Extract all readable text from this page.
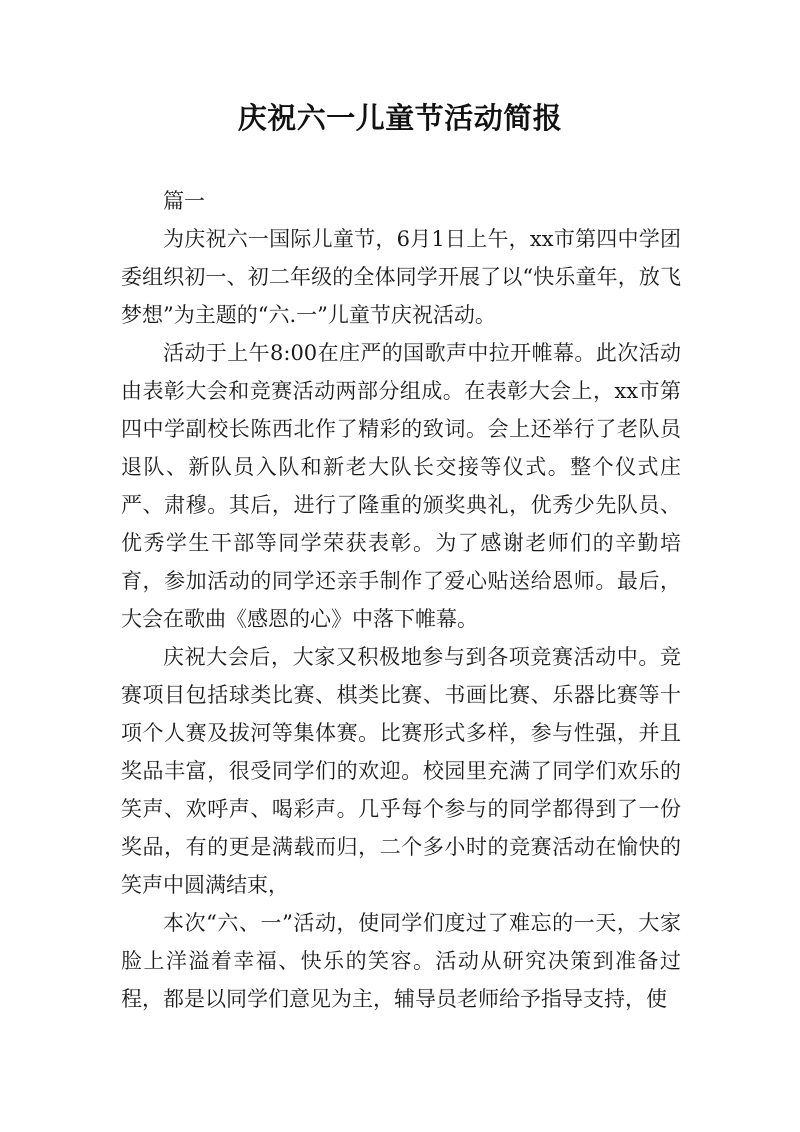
庆祝六一儿童节活动简报

篇一

为庆祝六一国际儿童节，6月1日上午，xx市第四中学团委组织初一、初二年级的全体同学开展了以“快乐童年，放飞梦想”为主题的“六.一”儿童节庆祝活动。

活动于上午8:00在庄严的国歌声中拉开帷幕。此次活动由表彰大会和竞赛活动两部分组成。在表彰大会上，xx市第四中学副校长陈西北作了精彩的致词。会上还举行了老队员退队、新队员入队和新老大队长交接等仪式。整个仪式庄严、肃穆。其后，进行了隆重的颁奖典礼，优秀少先队员、优秀学生干部等同学荣获表彰。为了感谢老师们的辛勤培育，参加活动的同学还亲手制作了爱心贴送给恩师。最后，大会在歌曲《感恩的心》中落下帷幕。

庆祝大会后，大家又积极地参与到各项竞赛活动中。竞赛项目包括球类比赛、棋类比赛、书画比赛、乐器比赛等十项个人赛及拔河等集体赛。比赛形式多样，参与性强，并且奖品丰富，很受同学们的欢迎。校园里充满了同学们欢乐的笑声、欢呼声、喝彩声。几乎每个参与的同学都得到了一份奖品，有的更是满载而归，二个多小时的竞赛活动在愉快的笑声中圆满结束，

本次“六、一”活动，使同学们度过了难忘的一天，大家脸上洋溢着幸福、快乐的笑容。活动从研究决策到准备过程，都是以同学们意见为主，辅导员老师给予指导支持，使
